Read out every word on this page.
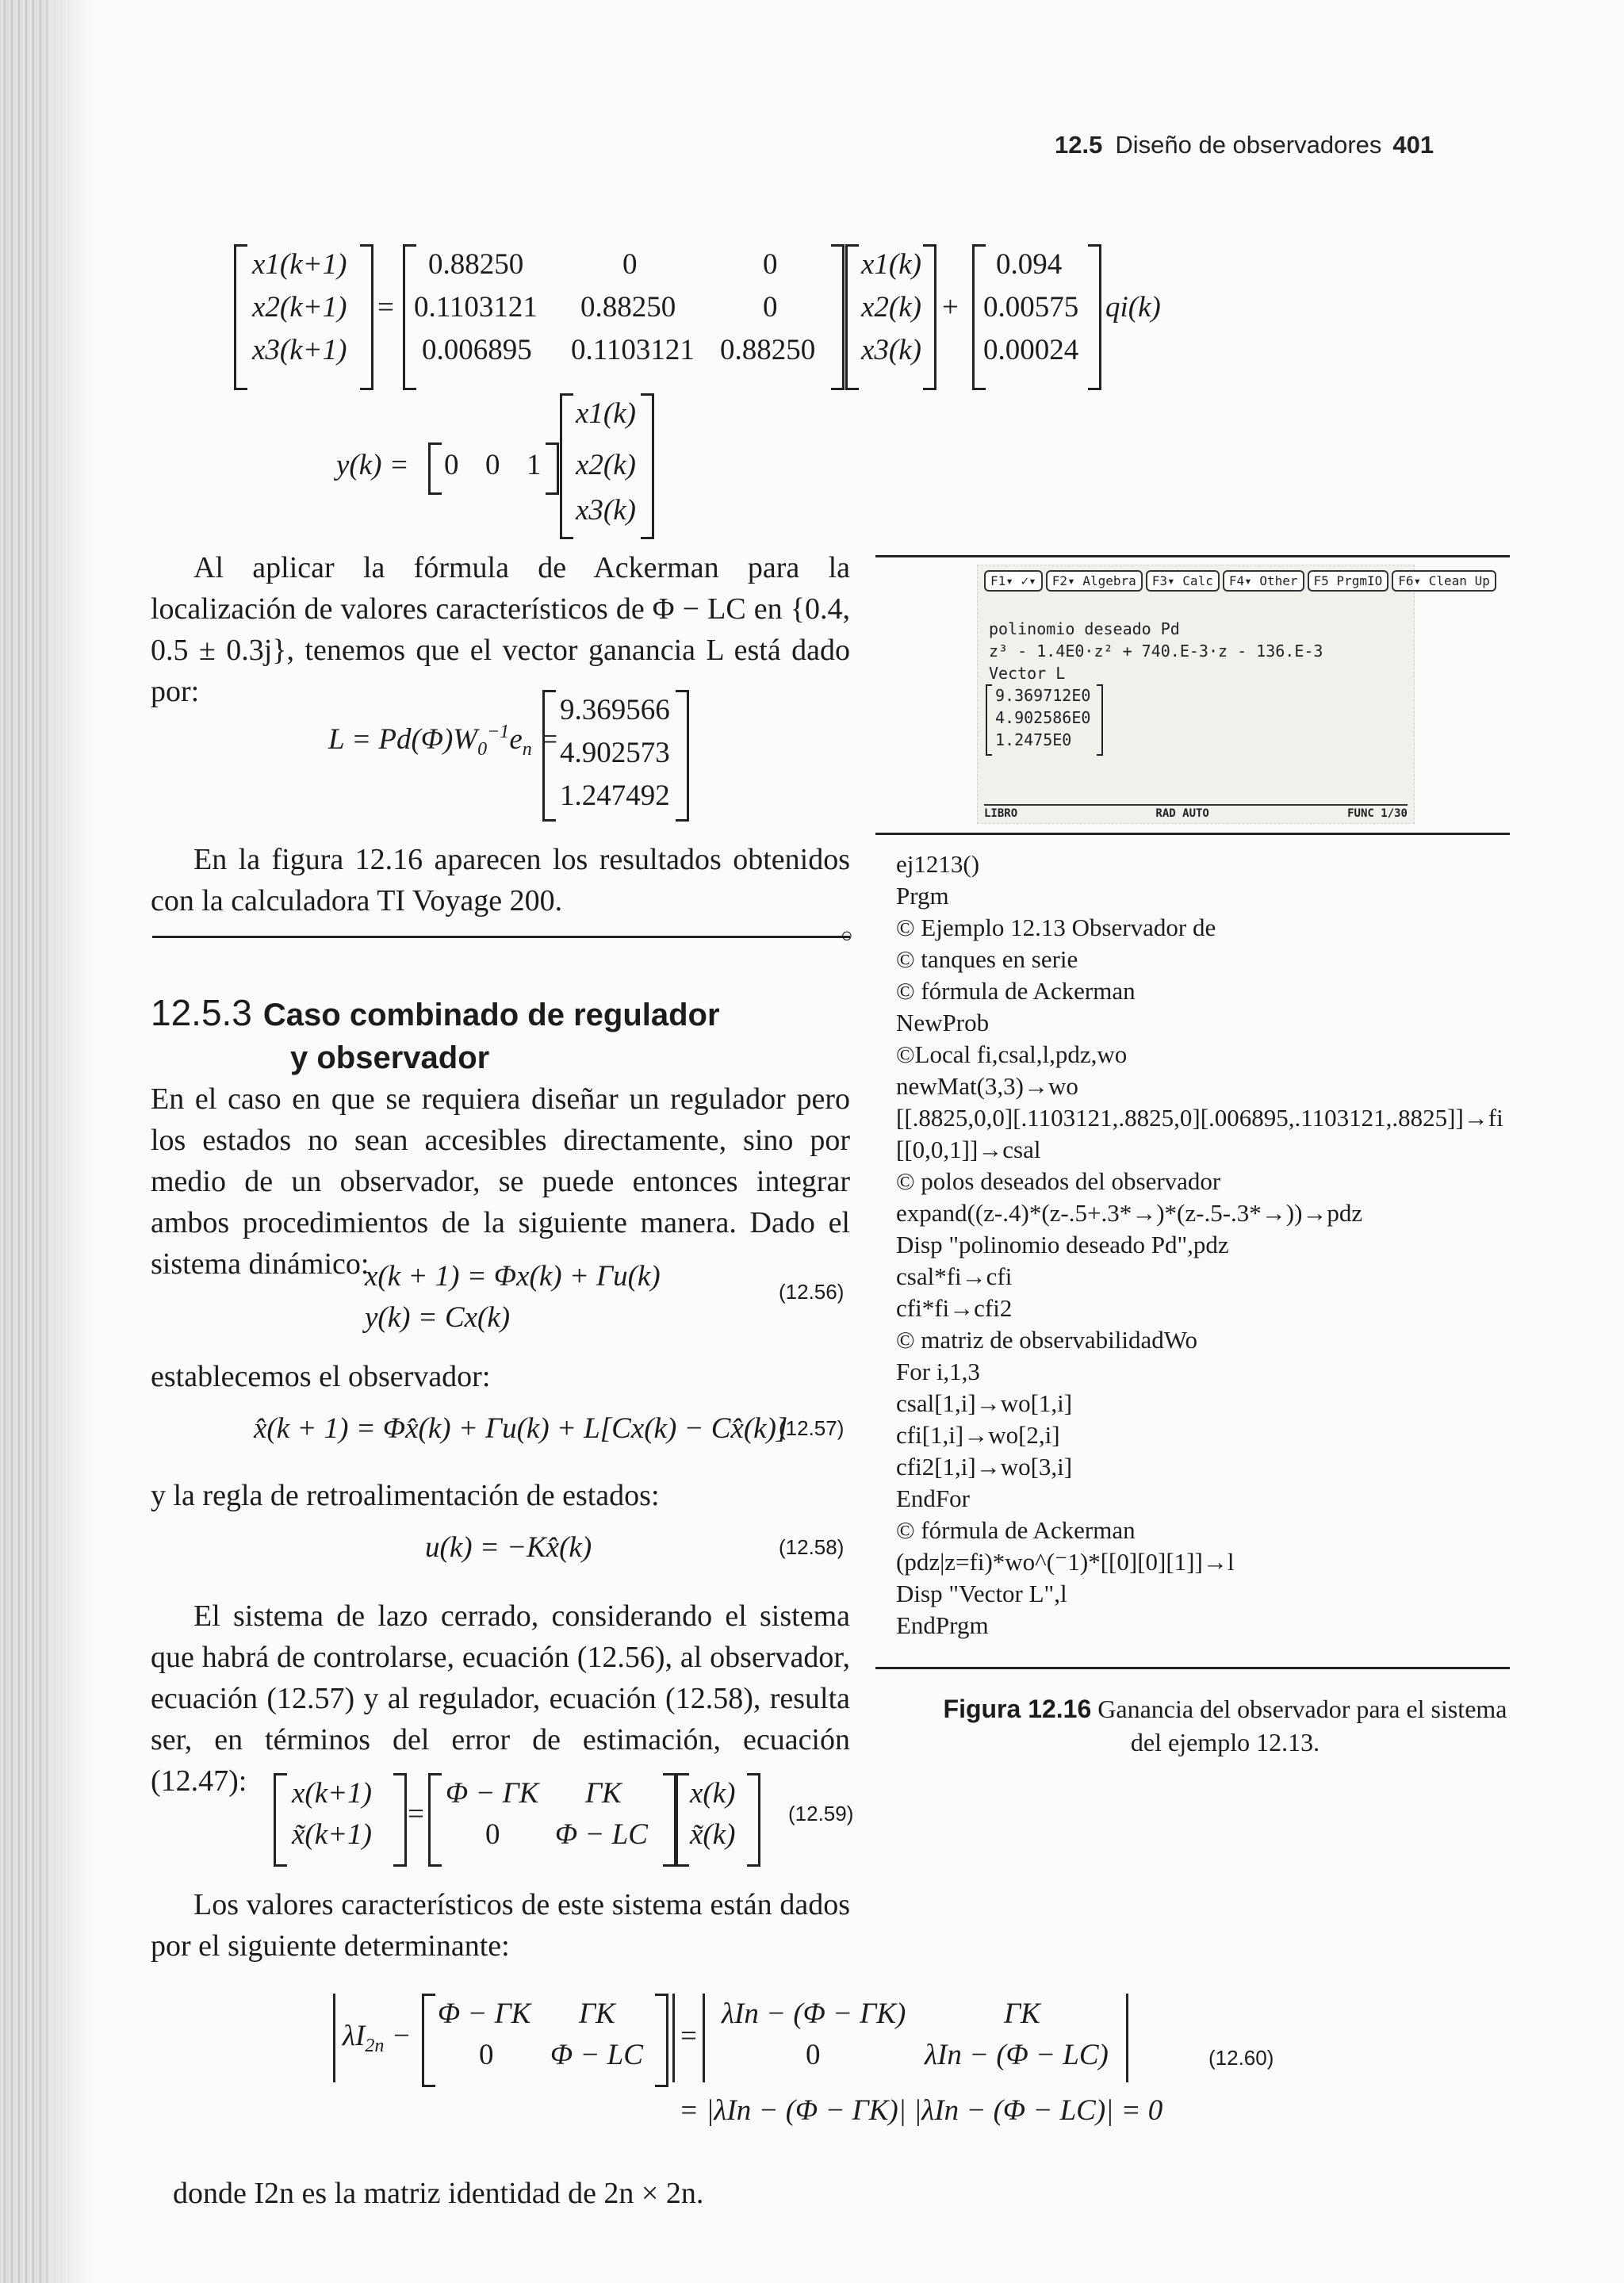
12.5 Diseño de observadores 401
x1(k+1)
x2(k+1)
x3(k+1)
=
0.88250	0	0
0.1103121 0.88250	0
0.006895 0.1103121 0.88250
x1(k)
x2(k)
x3(k)
+
0.094
0.00575
0.00024
qi(k)
y(k) = 0 0 1
x1(k)
x2(k)
x3(k)
Al aplicar la fórmula de Ackerman para la localización de valores característicos de Φ − LC en {0.4, 0.5 ± 0.3j}, tenemos que el vector ganancia L está dado por:
$L = Pd(\Phi)W_0^{-1}e_n$ =
9.369566
4.902573
1.247492
En la figura 12.16 aparecen los resultados obtenidos con la calculadora TI Voyage 200.
○
12.5.3 Caso combinado de regulador
y observador
En el caso en que se requiera diseñar un regulador pero los estados no sean accesibles directamente, sino por medio de un observador, se puede entonces integrar ambos procedimientos de la siguiente manera. Dado el sistema dinámico:
x(k + 1) = Φx(k) + Γu(k)
y(k) = Cx(k)
(12.56)
establecemos el observador:
x̂(k + 1) = Φx̂(k) + Γu(k) + L[Cx(k) − Cx̂(k)]
(12.57)
y la regla de retroalimentación de estados:
u(k) = −Kx̂(k)	(12.58)
El sistema de lazo cerrado, considerando el sistema que habrá de controlarse, ecuación (12.56), al observador, ecuación (12.57) y al regulador, ecuación (12.58), resulta ser, en términos del error de estimación, ecuación (12.47):	x(k+1)
x̃(k+1)
=
Φ − ΓK ΓK
0 Φ − LC
x(k)
x̃(k)
(12.59)
Los valores característicos de este sistema están dados por el siguiente determinante:
$\lambda I_{2n}$ −
Φ − ΓK ΓK
0 Φ − LC
=
λIn − (Φ − ΓK)	ΓK
0	λIn − (Φ − LC)	(12.60)
= |λIn − (Φ − ΓK)| |λIn − (Φ − LC)| = 0
donde I2n es la matriz identidad de 2n × 2n.
F1▾ ✓▾	F2▾ Algebra	F3▾ Calc	F4▾ Other	F5 PrgmIO	F6▾ Clean Up
polinomio deseado Pd
z³ - 1.4E0·z² + 740.E-3·z - 136.E-3
Vector L
9.369712E0
4.902586E0
1.2475E0
LIBRO	RAD AUTO	FUNC 1/30
ej1213()
Prgm
© Ejemplo 12.13 Observador de
© tanques en serie
© fórmula de Ackerman
NewProb
©Local fi,csal,l,pdz,wo
newMat(3,3)→wo
[[.8825,0,0][.1103121,.8825,0][.006895,.1103121,.8825]]→fi
[[0,0,1]]→csal
© polos deseados del observador
expand((z-.4)*(z-.5+.3*→)*(z-.5-.3*→))→pdz
Disp "polinomio deseado Pd",pdz
csal*fi→cfi
cfi*fi→cfi2
© matriz de observabilidadWo
For i,1,3
csal[1,i]→wo[1,i]
cfi[1,i]→wo[2,i]
cfi2[1,i]→wo[3,i]
EndFor
© fórmula de Ackerman
(pdz|z=fi)*wo^(⁻1)*[[0][0][1]]→l
Disp "Vector L",l
EndPrgm
Figura 12.16 Ganancia del observador para el sistema del ejemplo 12.13.
